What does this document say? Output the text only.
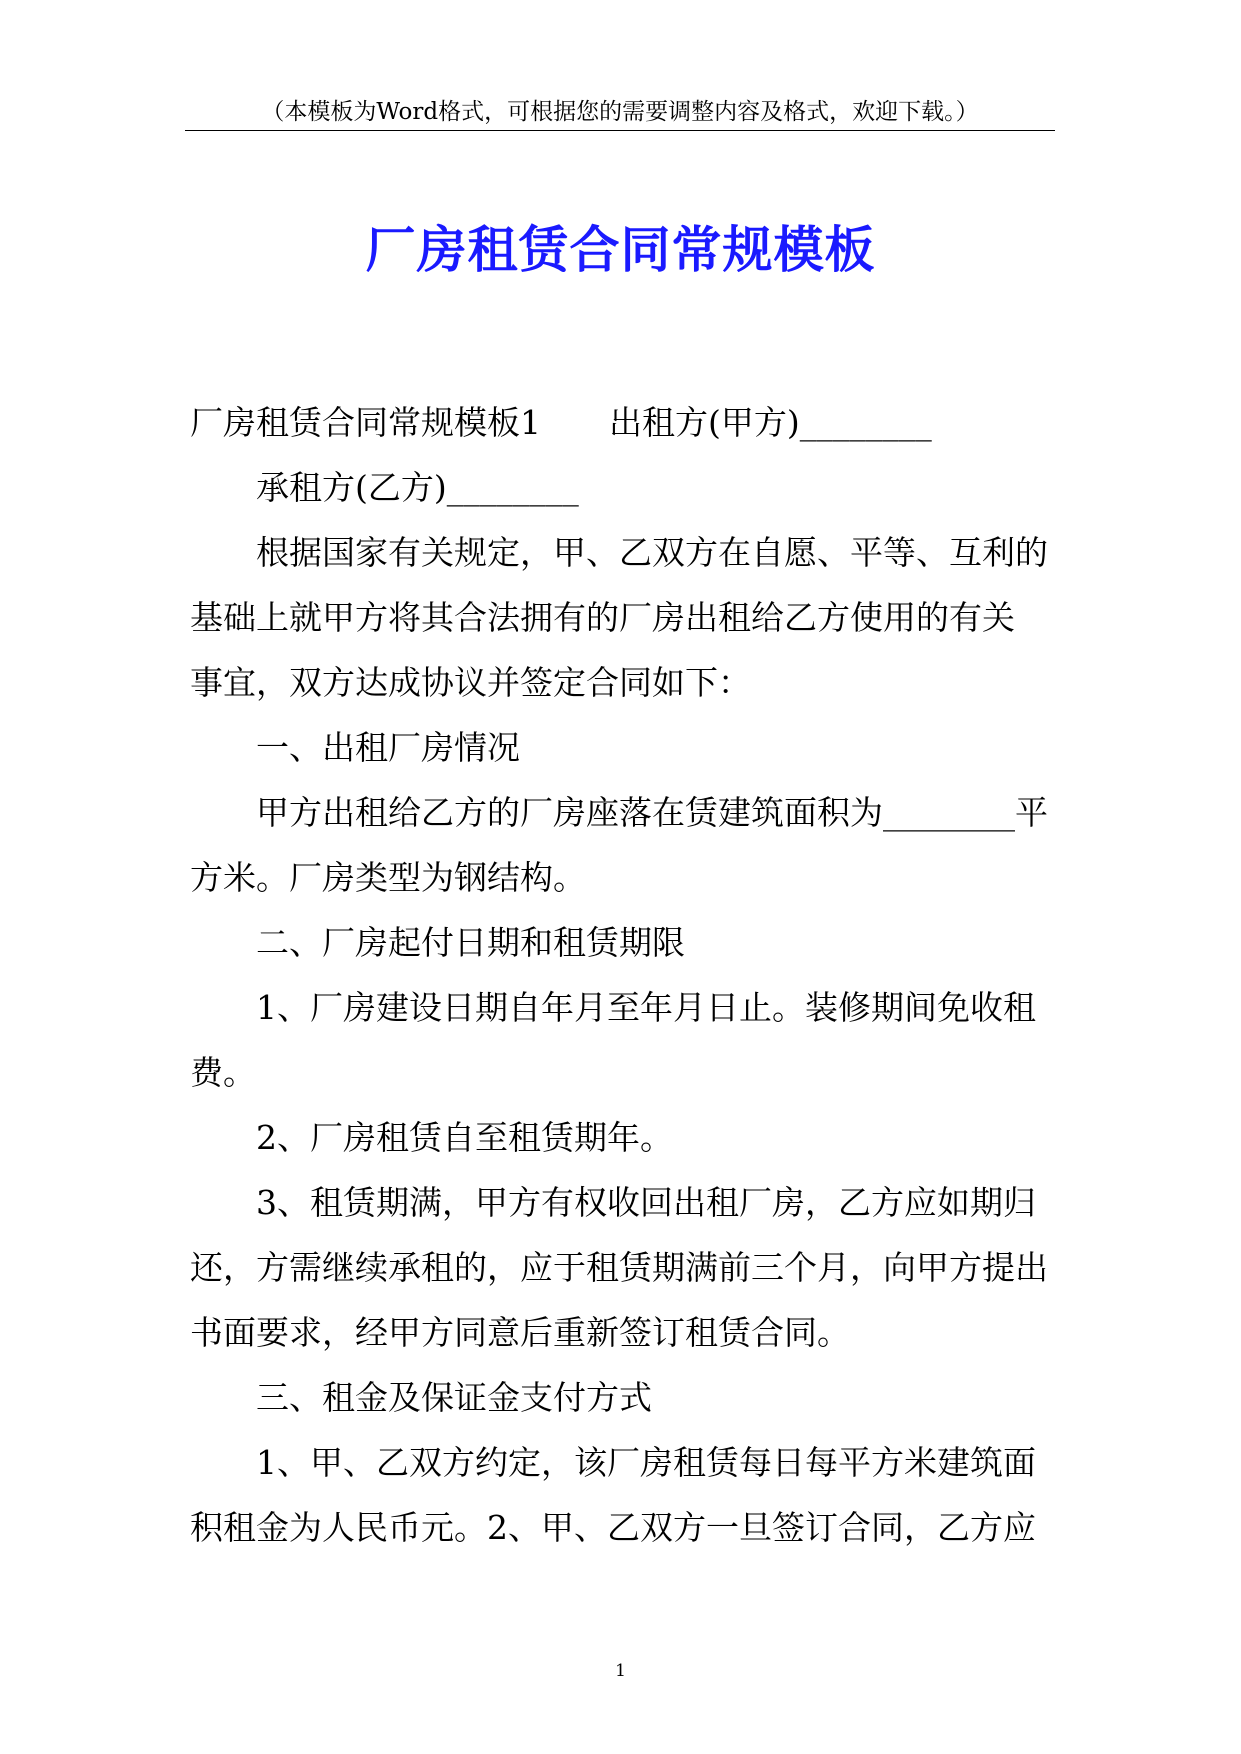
（本模板为Word格式，可根据您的需要调整内容及格式，欢迎下载。）
厂房租赁合同常规模板
厂房租赁合同常规模板1 出租方(甲方)________
承租方(乙方)________
根据国家有关规定，甲、乙双方在自愿、平等、互利的
基础上就甲方将其合法拥有的厂房出租给乙方使用的有关
事宜，双方达成协议并签定合同如下：
一、出租厂房情况
甲方出租给乙方的厂房座落在赁建筑面积为________平
方米。厂房类型为钢结构。
二、厂房起付日期和租赁期限
1、厂房建设日期自年月至年月日止。装修期间免收租
费。
2、厂房租赁自至租赁期年。
3、租赁期满，甲方有权收回出租厂房，乙方应如期归
还，方需继续承租的，应于租赁期满前三个月，向甲方提出
书面要求，经甲方同意后重新签订租赁合同。
三、租金及保证金支付方式
1、甲、乙双方约定，该厂房租赁每日每平方米建筑面
积租金为人民币元。2、甲、乙双方一旦签订合同，乙方应
1
